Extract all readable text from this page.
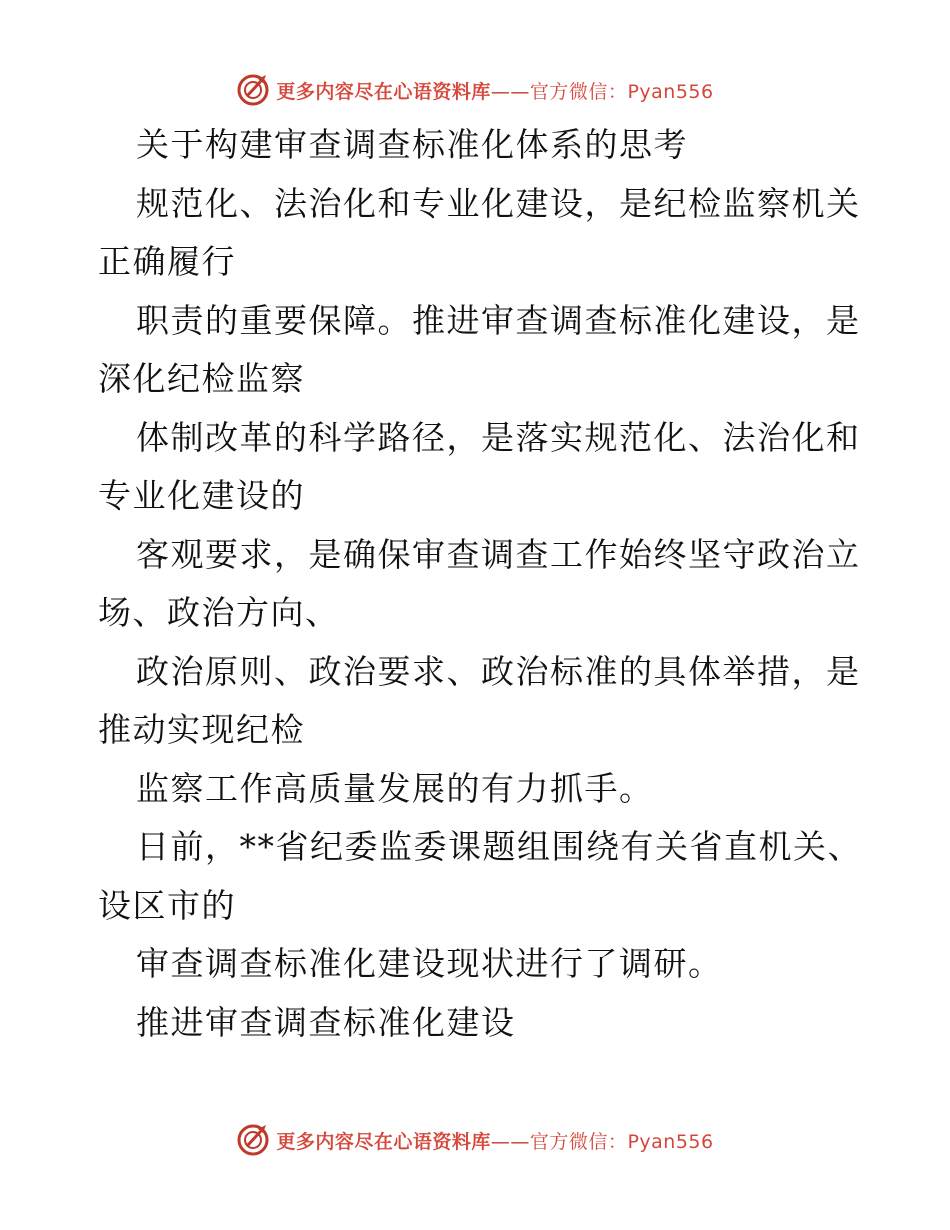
更多内容尽在心语资料库——官方微信：Pyan556
关于构建审查调查标准化体系的思考
规范化、法治化和专业化建设，是纪检监察机关
正确履行
职责的重要保障。推进审查调查标准化建设，是
深化纪检监察
体制改革的科学路径，是落实规范化、法治化和
专业化建设的
客观要求，是确保审查调查工作始终坚守政治立
场、政治方向、
政治原则、政治要求、政治标准的具体举措，是
推动实现纪检
监察工作高质量发展的有力抓手。
日前，**省纪委监委课题组围绕有关省直机关、
设区市的
审查调查标准化建设现状进行了调研。
推进审查调查标准化建设
更多内容尽在心语资料库——官方微信：Pyan556
